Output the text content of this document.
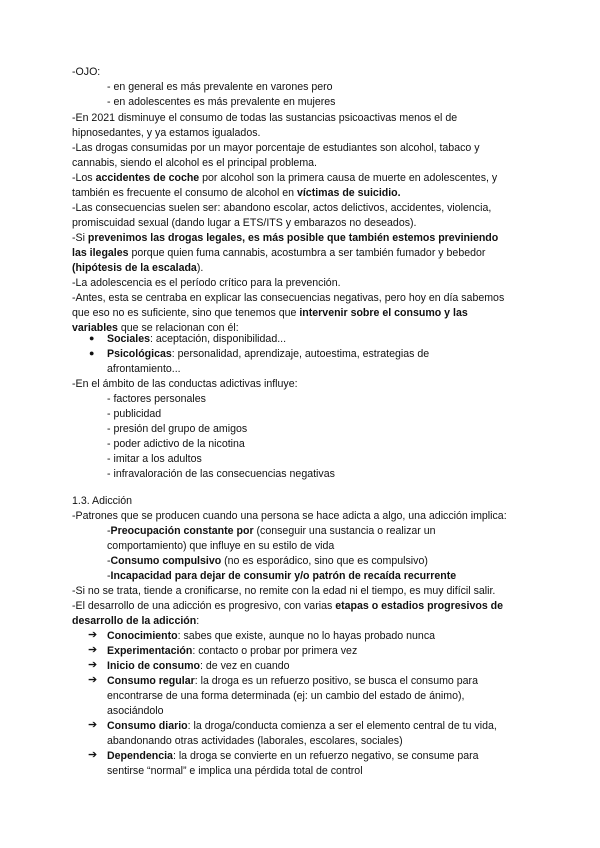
-OJO:
- en general es más prevalente en varones pero
- en adolescentes es más prevalente en mujeres
-En 2021 disminuye el consumo de todas las sustancias psicoactivas menos el de
hipnosedantes, y ya estamos igualados.
-Las drogas consumidas por un mayor porcentaje de estudiantes son alcohol, tabaco y
cannabis, siendo el alcohol es el principal problema.
-Los accidentes de coche por alcohol son la primera causa de muerte en adolescentes, y
también es frecuente el consumo de alcohol en víctimas de suicidio.
-Las consecuencias suelen ser: abandono escolar, actos delictivos, accidentes, violencia,
promiscuidad sexual (dando lugar a ETS/ITS y embarazos no deseados).
-Si prevenimos las drogas legales, es más posible que también estemos previniendo
las ilegales porque quien fuma cannabis, acostumbra a ser también fumador y bebedor
(hipótesis de la escalada).
-La adolescencia es el período crítico para la prevención.
-Antes, esta se centraba en explicar las consecuencias negativas, pero hoy en día sabemos
que eso no es suficiente, sino que tenemos que intervenir sobre el consumo y las
variables que se relacionan con él:
Sociales: aceptación, disponibilidad...
●
Psicológicas: personalidad, aprendizaje, autoestima, estrategias de
●
afrontamiento...
-En el ámbito de las conductas adictivas influye:
- factores personales
- publicidad
- presión del grupo de amigos
- poder adictivo de la nicotina
- imitar a los adultos
- infravaloración de las consecuencias negativas
1.3. Adicción
-Patrones que se producen cuando una persona se hace adicta a algo, una adicción implica:
-Preocupación constante por (conseguir una sustancia o realizar un
comportamiento) que influye en su estilo de vida
-Consumo compulsivo (no es esporádico, sino que es compulsivo)
-Incapacidad para dejar de consumir y/o patrón de recaída recurrente
-Si no se trata, tiende a cronificarse, no remite con la edad ni el tiempo, es muy difícil salir.
-El desarrollo de una adicción es progresivo, con varias etapas o estadios progresivos de
desarrollo de la adicción:
Conocimiento: sabes que existe, aunque no lo hayas probado nunca
➔
Experimentación: contacto o probar por primera vez
➔
Inicio de consumo: de vez en cuando
➔
Consumo regular: la droga es un refuerzo positivo, se busca el consumo para
➔
encontrarse de una forma determinada (ej: un cambio del estado de ánimo),
asociándolo
Consumo diario: la droga/conducta comienza a ser el elemento central de tu vida,
➔
abandonando otras actividades (laborales, escolares, sociales)
Dependencia: la droga se convierte en un refuerzo negativo, se consume para
➔
sentirse “normal” e implica una pérdida total de control
